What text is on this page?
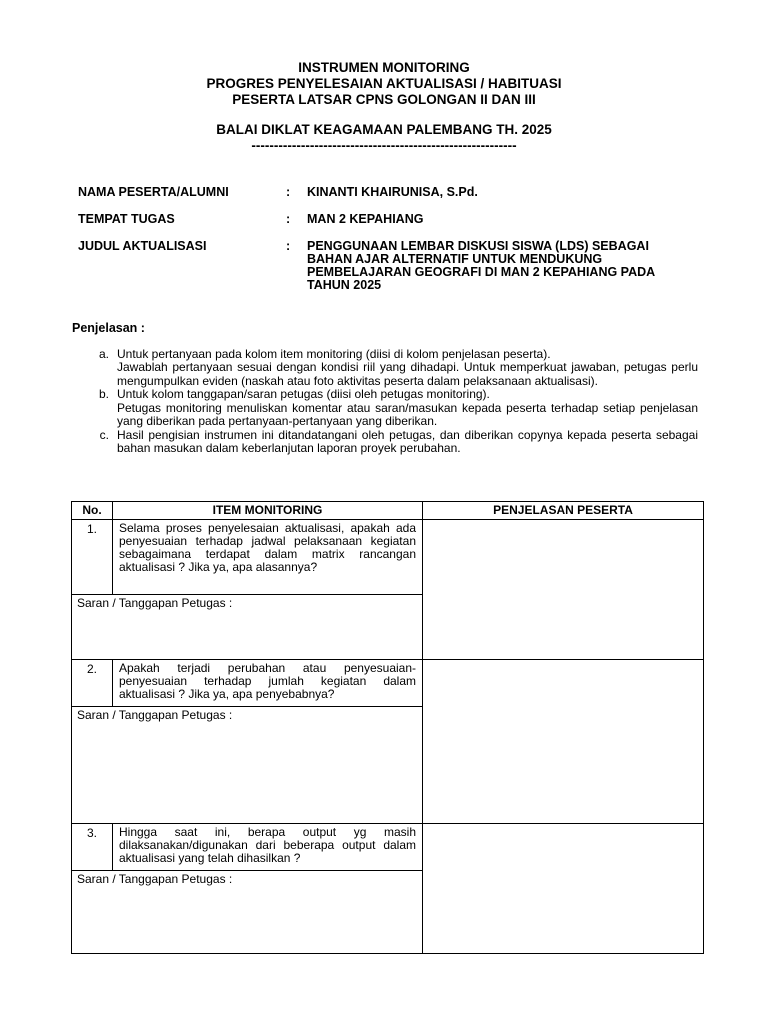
INSTRUMEN MONITORING
PROGRES PENYELESAIAN AKTUALISASI / HABITUASI
PESERTA LATSAR CPNS GOLONGAN II DAN III
BALAI DIKLAT KEAGAMAAN PALEMBANG TH. 2025
-----------------------------------------------------------
NAMA PESERTA/ALUMNI	:	KINANTI KHAIRUNISA, S.Pd.
TEMPAT TUGAS	:	MAN 2 KEPAHIANG
JUDUL AKTUALISASI	:	PENGGUNAAN LEMBAR DISKUSI SISWA (LDS) SEBAGAI BAHAN AJAR ALTERNATIF UNTUK MENDUKUNG PEMBELAJARAN GEOGRAFI DI MAN 2 KEPAHIANG PADA TAHUN 2025
Penjelasan :
a. Untuk pertanyaan pada kolom item monitoring (diisi di kolom penjelasan peserta).

Jawablah pertanyaan sesuai dengan kondisi riil yang dihadapi. Untuk memperkuat jawaban, petugas perlu mengumpulkan eviden (naskah atau foto aktivitas peserta dalam pelaksanaan aktualisasi).

b. Untuk kolom tanggapan/saran petugas (diisi oleh petugas monitoring).

Petugas monitoring menuliskan komentar atau saran/masukan kepada peserta terhadap setiap penjelasan yang diberikan pada pertanyaan-pertanyaan yang diberikan.

c. Hasil pengisian instrumen ini ditandatangani oleh petugas, dan diberikan copynya kepada peserta sebagai bahan masukan dalam keberlanjutan laporan proyek perubahan.

No.	ITEM MONITORING	PENJELASAN PESERTA
1.	Selama proses penyelesaian aktualisasi, apakah ada penyesuaian terhadap jadwal pelaksanaan kegiatan sebagaimana terdapat dalam matrix rancangan aktualisasi ? Jika ya, apa alasannya?	
Saran / Tanggapan Petugas :		
2.	Apakah terjadi perubahan atau penyesuaian-penyesuaian terhadap jumlah kegiatan dalam aktualisasi ? Jika ya, apa penyebabnya?	
Saran / Tanggapan Petugas :		
3.	Hingga saat ini, berapa output yg masih dilaksanakan/digunakan dari beberapa output dalam aktualisasi yang telah dihasilkan ?	
Saran / Tanggapan Petugas :		
